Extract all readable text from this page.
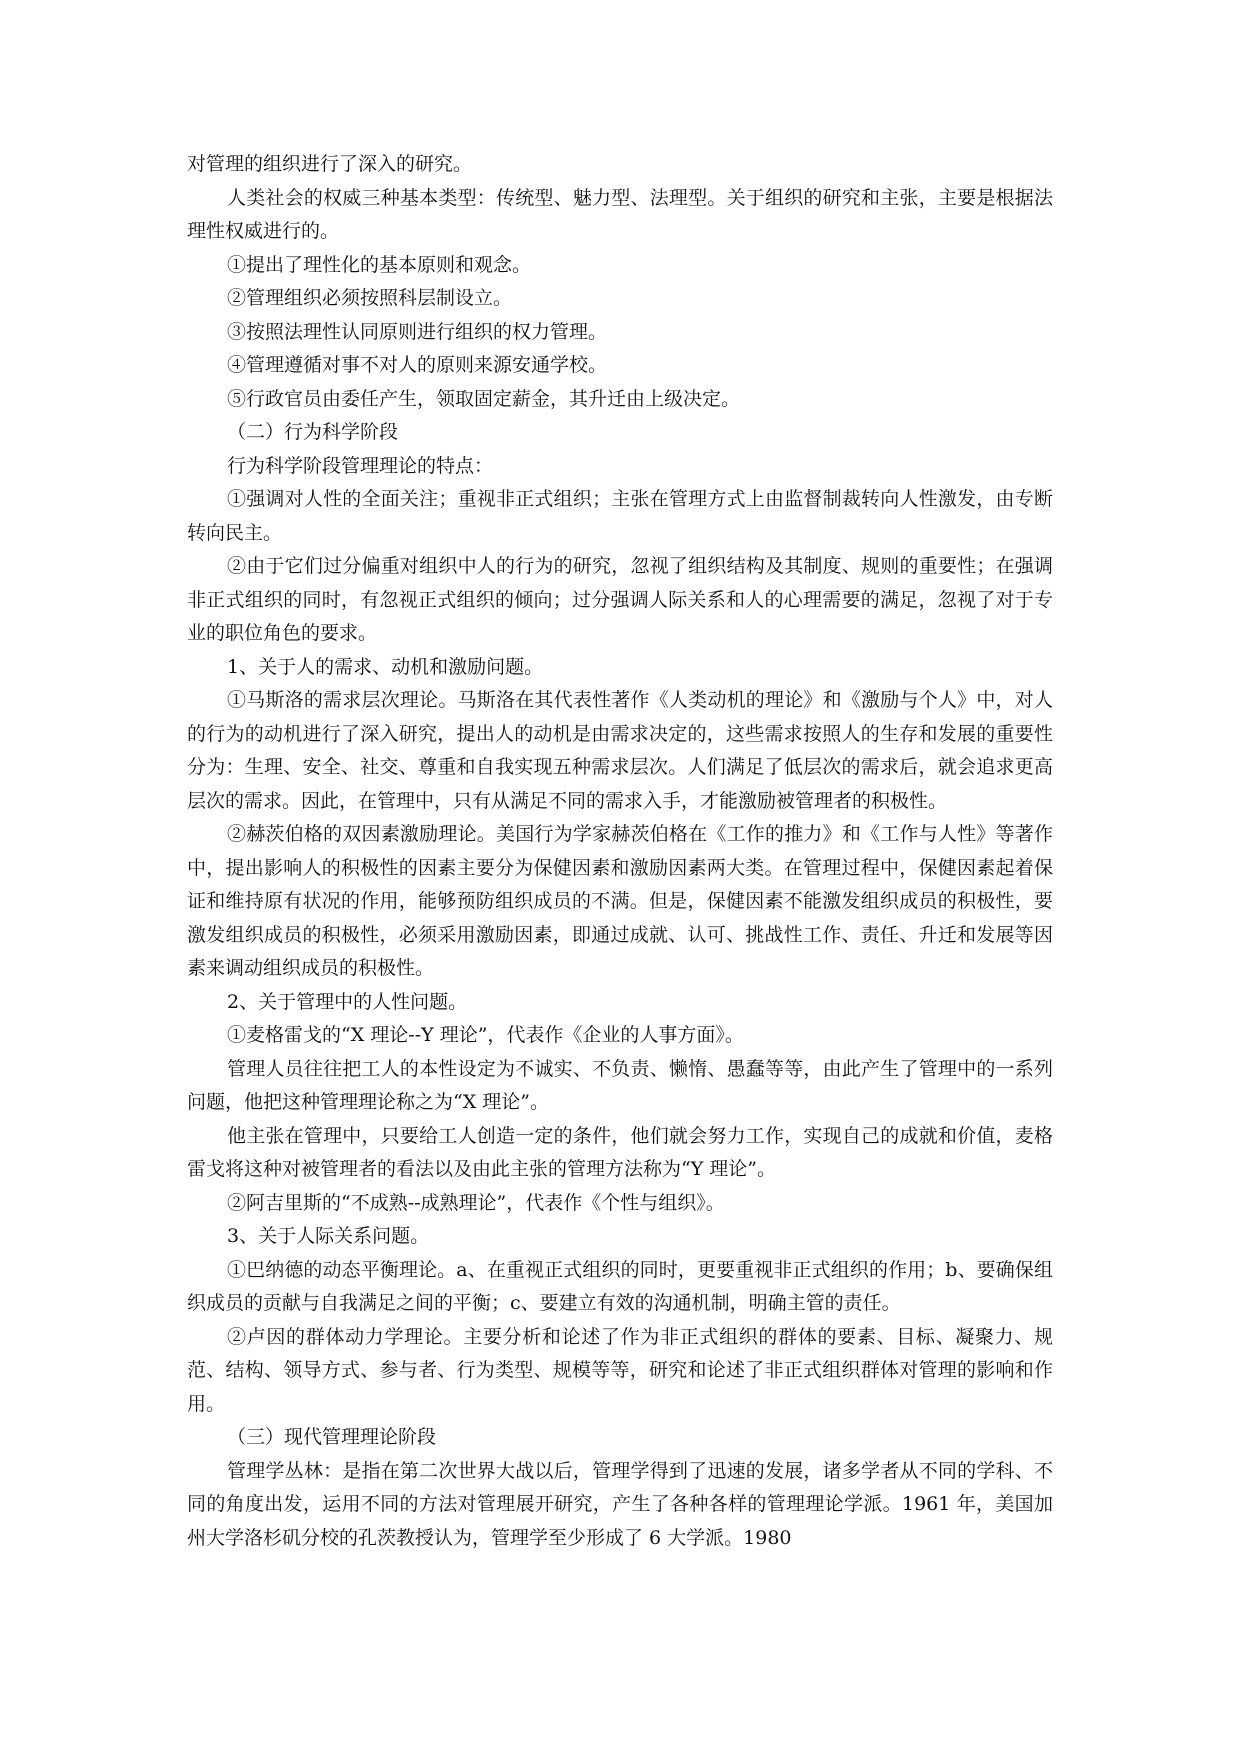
对管理的组织进行了深入的研究。

人类社会的权威三种基本类型：传统型、魅力型、法理型。关于组织的研究和主张，主要是根据法理性权威进行的。

①提出了理性化的基本原则和观念。

②管理组织必须按照科层制设立。

③按照法理性认同原则进行组织的权力管理。

④管理遵循对事不对人的原则来源安通学校。

⑤行政官员由委任产生，领取固定薪金，其升迁由上级决定。

（二）行为科学阶段

行为科学阶段管理理论的特点：

①强调对人性的全面关注；重视非正式组织；主张在管理方式上由监督制裁转向人性激发，由专断转向民主。

②由于它们过分偏重对组织中人的行为的研究，忽视了组织结构及其制度、规则的重要性；在强调非正式组织的同时，有忽视正式组织的倾向；过分强调人际关系和人的心理需要的满足，忽视了对于专业的职位角色的要求。

1、关于人的需求、动机和激励问题。

①马斯洛的需求层次理论。马斯洛在其代表性著作《人类动机的理论》和《激励与个人》中，对人的行为的动机进行了深入研究，提出人的动机是由需求决定的，这些需求按照人的生存和发展的重要性分为：生理、安全、社交、尊重和自我实现五种需求层次。人们满足了低层次的需求后，就会追求更高层次的需求。因此，在管理中，只有从满足不同的需求入手，才能激励被管理者的积极性。

②赫茨伯格的双因素激励理论。美国行为学家赫茨伯格在《工作的推力》和《工作与人性》等著作中，提出影响人的积极性的因素主要分为保健因素和激励因素两大类。在管理过程中，保健因素起着保证和维持原有状况的作用，能够预防组织成员的不满。但是，保健因素不能激发组织成员的积极性，要激发组织成员的积极性，必须采用激励因素，即通过成就、认可、挑战性工作、责任、升迁和发展等因素来调动组织成员的积极性。

2、关于管理中的人性问题。

①麦格雷戈的“X 理论--Y 理论”，代表作《企业的人事方面》。

管理人员往往把工人的本性设定为不诚实、不负责、懒惰、愚蠢等等，由此产生了管理中的一系列问题，他把这种管理理论称之为“X 理论”。

他主张在管理中，只要给工人创造一定的条件，他们就会努力工作，实现自己的成就和价值，麦格雷戈将这种对被管理者的看法以及由此主张的管理方法称为“Y 理论”。

②阿吉里斯的“不成熟--成熟理论”，代表作《个性与组织》。

3、关于人际关系问题。

①巴纳德的动态平衡理论。a、在重视正式组织的同时，更要重视非正式组织的作用；b、要确保组织成员的贡献与自我满足之间的平衡；c、要建立有效的沟通机制，明确主管的责任。

②卢因的群体动力学理论。主要分析和论述了作为非正式组织的群体的要素、目标、凝聚力、规范、结构、领导方式、参与者、行为类型、规模等等，研究和论述了非正式组织群体对管理的影响和作用。

（三）现代管理理论阶段

管理学丛林：是指在第二次世界大战以后，管理学得到了迅速的发展，诸多学者从不同的学科、不同的角度出发，运用不同的方法对管理展开研究，产生了各种各样的管理理论学派。1961 年，美国加州大学洛杉矶分校的孔茨教授认为，管理学至少形成了 6 大学派。1980
